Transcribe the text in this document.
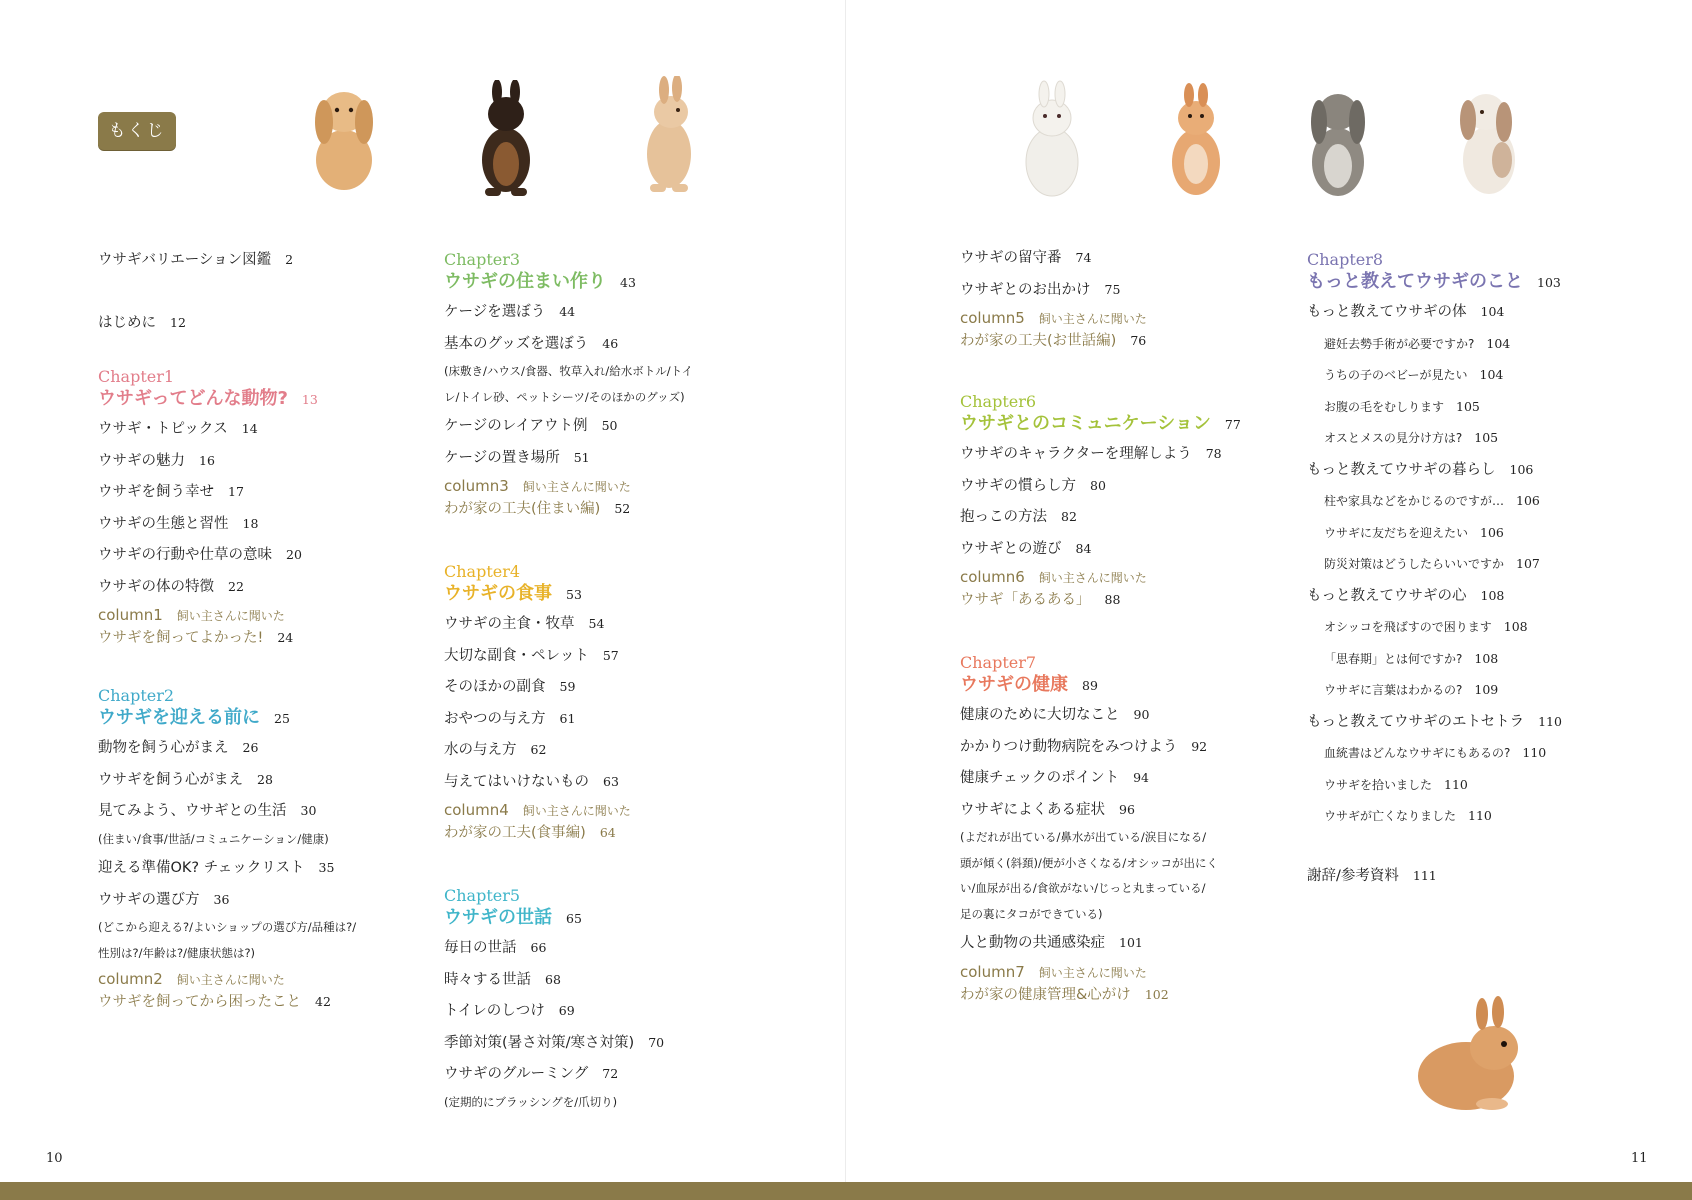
もくじ
ウサギバリエーション図鑑 2
はじめに 12
Chapter1
ウサギってどんな動物? 13
ウサギ・トピックス 14
ウサギの魅力 16
ウサギを飼う幸せ 17
ウサギの生態と習性 18
ウサギの行動や仕草の意味 20
ウサギの体の特徴 22
column1 飼い主さんに聞いた
ウサギを飼ってよかった! 24
Chapter2
ウサギを迎える前に 25
動物を飼う心がまえ 26
ウサギを飼う心がまえ 28
見てみよう、ウサギとの生活 30
(住まい/食事/世話/コミュニケーション/健康)
迎える準備OK? チェックリスト 35
ウサギの選び方 36
(どこから迎える?/よいショップの選び方/品種は?/
性別は?/年齢は?/健康状態は?)
column2 飼い主さんに聞いた
ウサギを飼ってから困ったこと 42
Chapter3
ウサギの住まい作り 43
ケージを選ぼう 44
基本のグッズを選ぼう 46
(床敷き/ハウス/食器、牧草入れ/給水ボトル/トイ
レ/トイレ砂、ペットシーツ/そのほかのグッズ)
ケージのレイアウト例 50
ケージの置き場所 51
column3 飼い主さんに聞いた
わが家の工夫(住まい編) 52
Chapter4
ウサギの食事 53
ウサギの主食・牧草 54
大切な副食・ペレット 57
そのほかの副食 59
おやつの与え方 61
水の与え方 62
与えてはいけないもの 63
column4 飼い主さんに聞いた
わが家の工夫(食事編) 64
Chapter5
ウサギの世話 65
毎日の世話 66
時々する世話 68
トイレのしつけ 69
季節対策(暑さ対策/寒さ対策) 70
ウサギのグルーミング 72
(定期的にブラッシングを/爪切り)
ウサギの留守番 74
ウサギとのお出かけ 75
column5 飼い主さんに聞いた
わが家の工夫(お世話編) 76
Chapter6
ウサギとのコミュニケーション 77
ウサギのキャラクターを理解しよう 78
ウサギの慣らし方 80
抱っこの方法 82
ウサギとの遊び 84
column6 飼い主さんに聞いた
ウサギ「あるある」 88
Chapter7
ウサギの健康 89
健康のために大切なこと 90
かかりつけ動物病院をみつけよう 92
健康チェックのポイント 94
ウサギによくある症状 96
(よだれが出ている/鼻水が出ている/涙目になる/
頭が傾く(斜頚)/便が小さくなる/オシッコが出にく
い/血尿が出る/食欲がない/じっと丸まっている/
足の裏にタコができている)
人と動物の共通感染症 101
column7 飼い主さんに聞いた
わが家の健康管理&心がけ 102
Chapter8
もっと教えてウサギのこと 103
もっと教えてウサギの体 104
避妊去勢手術が必要ですか? 104
うちの子のベビーが見たい 104
お腹の毛をむしります 105
オスとメスの見分け方は? 105
もっと教えてウサギの暮らし 106
柱や家具などをかじるのですが… 106
ウサギに友だちを迎えたい 106
防災対策はどうしたらいいですか 107
もっと教えてウサギの心 108
オシッコを飛ばすので困ります 108
「思春期」とは何ですか? 108
ウサギに言葉はわかるの? 109
もっと教えてウサギのエトセトラ 110
血統書はどんなウサギにもあるの? 110
ウサギを拾いました 110
ウサギが亡くなりました 110
謝辞/参考資料 111
10	11
